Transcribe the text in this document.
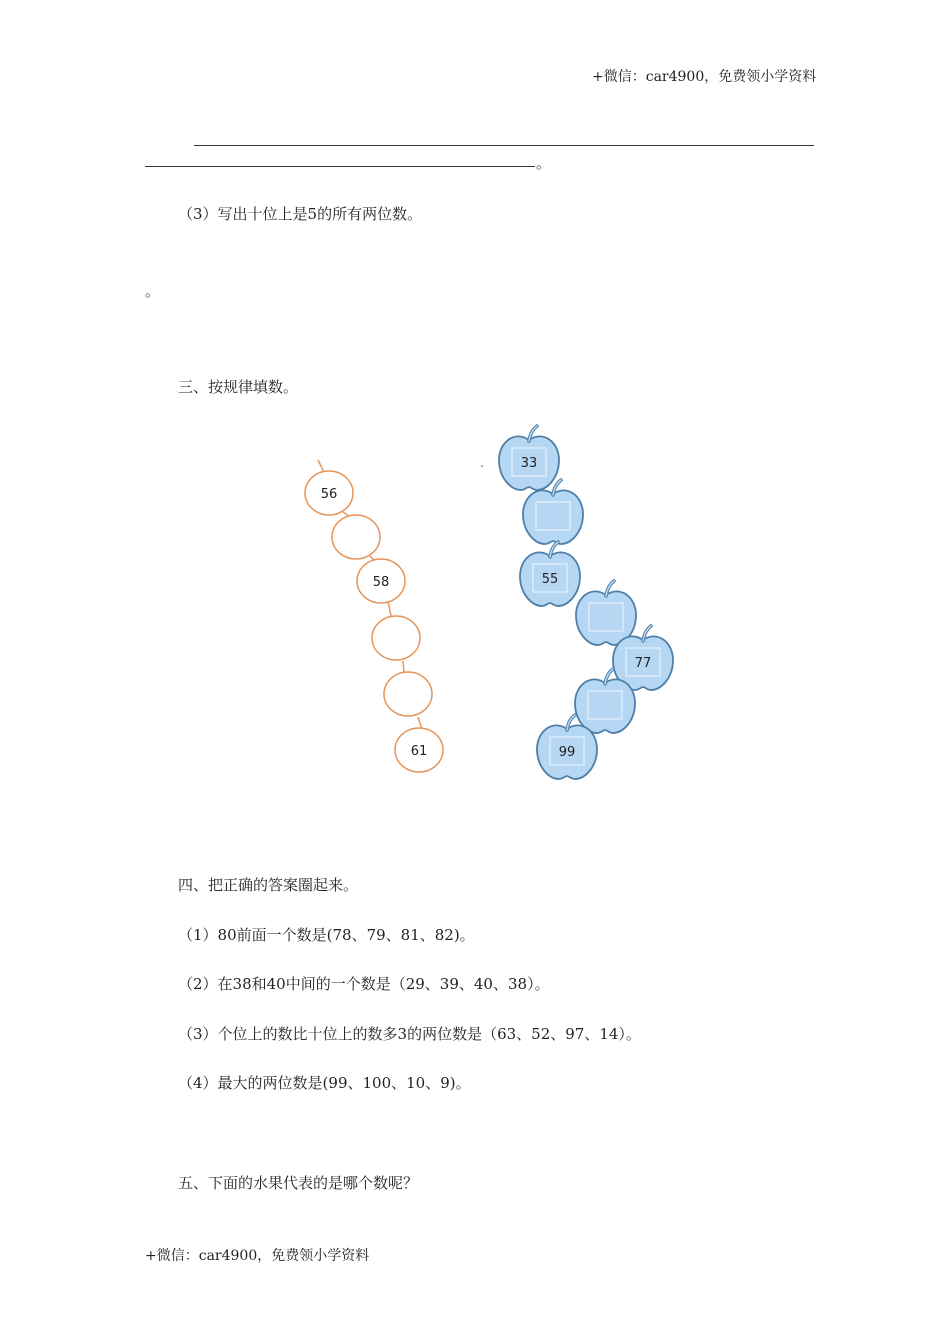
+微信：car4900，免费领小学资料
。
（3）写出十位上是5的所有两位数。
。
三、按规律填数。
56
58
61
33
55
77
99
四、把正确的答案圈起来。
（1）80前面一个数是(78、79、81、82)。
（2）在38和40中间的一个数是（29、39、40、38）。
（3）个位上的数比十位上的数多3的两位数是（63、52、97、14）。
（4）最大的两位数是(99、100、10、9)。
五、下面的水果代表的是哪个数呢？
+微信：car4900，免费领小学资料
